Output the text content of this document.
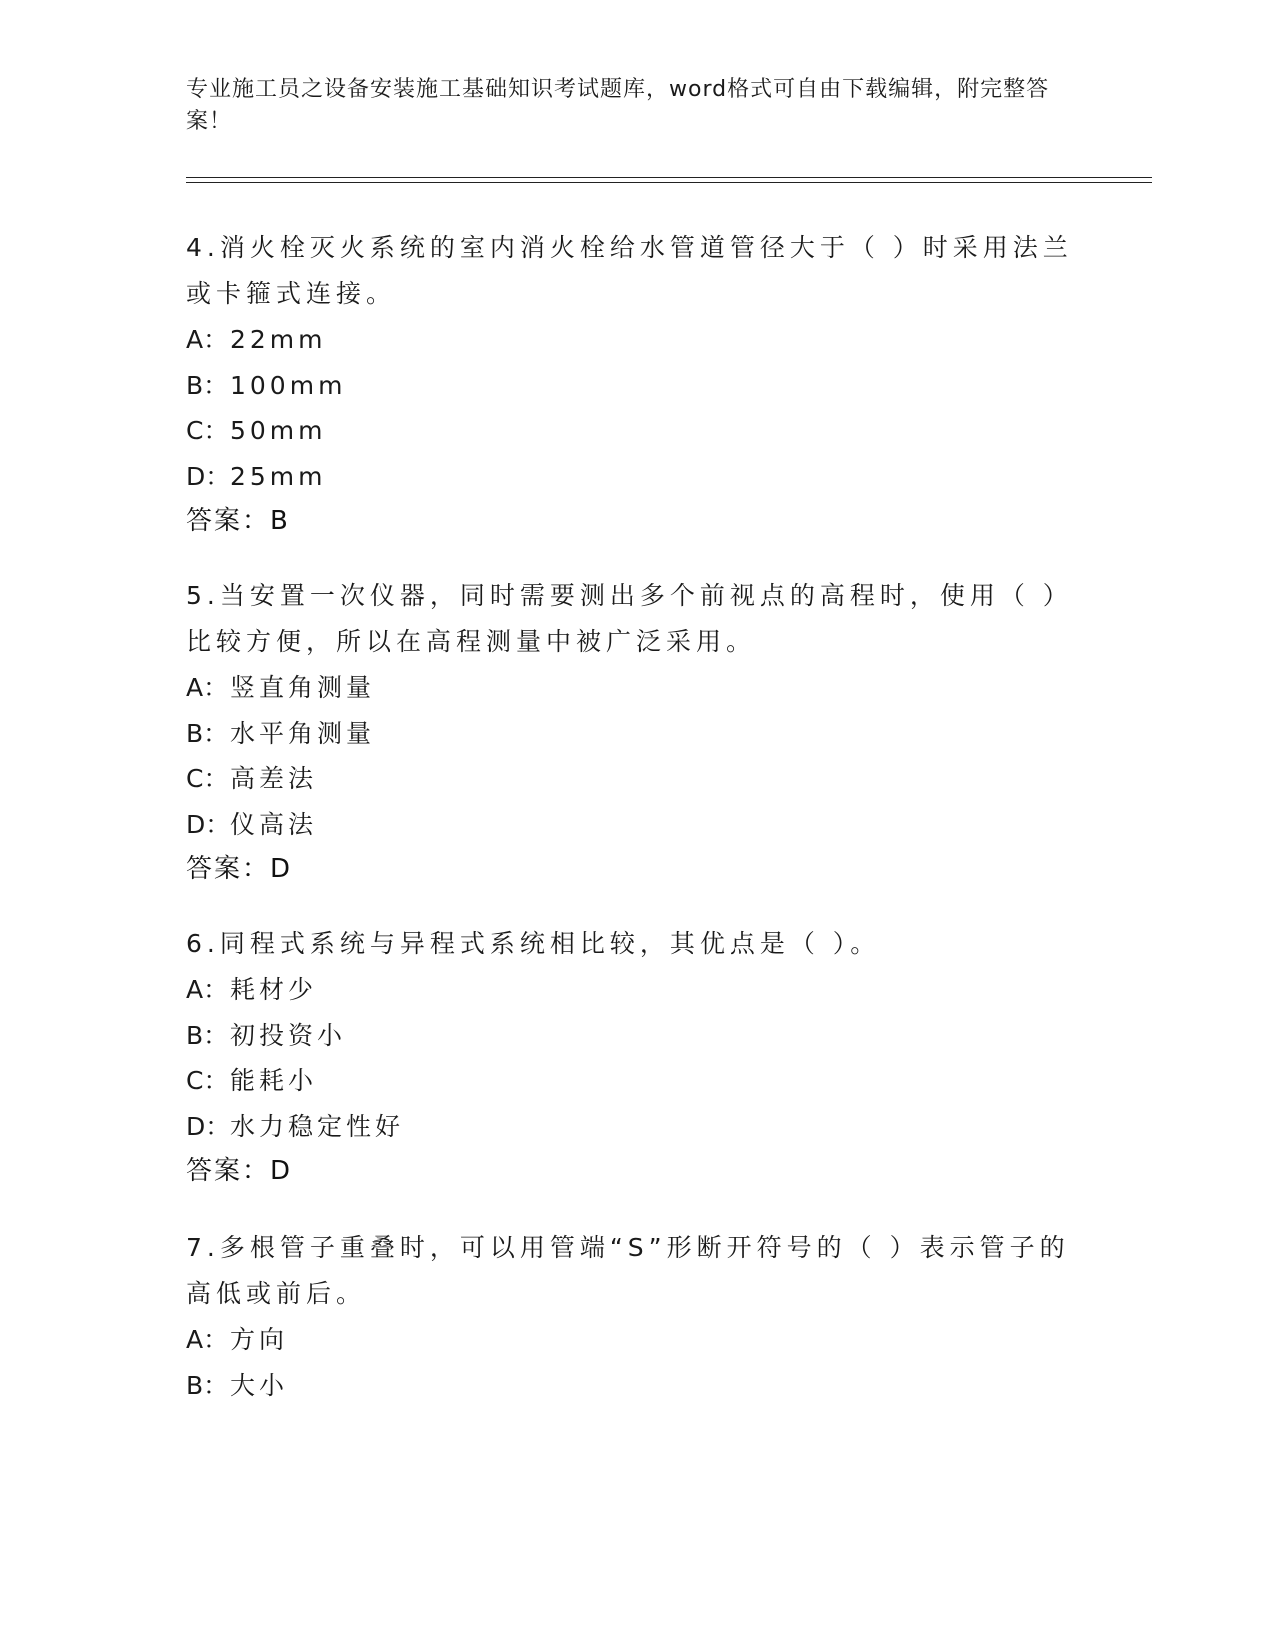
专业施工员之设备安装施工基础知识考试题库，word格式可自由下载编辑，附完整答案！

4.消火栓灭火系统的室内消火栓给水管道管径大于（ ）时采用法兰或卡箍式连接。

A：22mm

B：100mm

C：50mm

D：25mm

答案：B

5.当安置一次仪器，同时需要测出多个前视点的高程时，使用（ ）比较方便，所以在高程测量中被广泛采用。

A：竖直角测量

B：水平角测量

C：高差法

D：仪高法

答案：D

6.同程式系统与异程式系统相比较，其优点是（ ）。

A：耗材少

B：初投资小

C：能耗小

D：水力稳定性好

答案：D

7.多根管子重叠时，可以用管端“S”形断开符号的（ ）表示管子的高低或前后。

A：方向

B：大小
